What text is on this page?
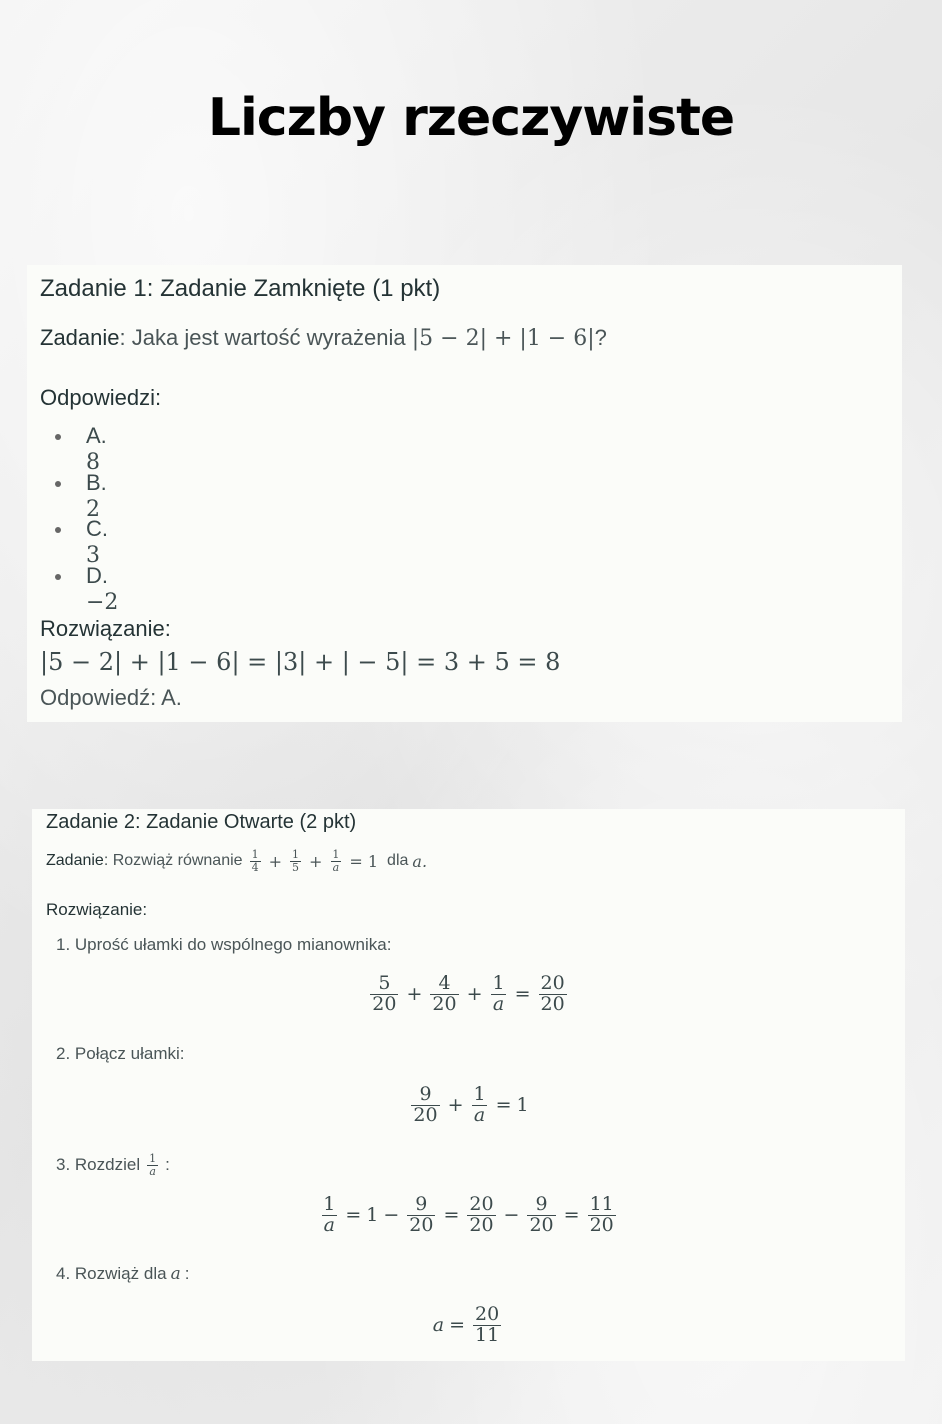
Liczby rzeczywiste
Zadanie 1: Zadanie Zamknięte (1 pkt)
Zadanie: Jaka jest wartość wyrażenia |5 − 2| + |1 − 6|?
Odpowiedzi:
A. 8
B. 2
C. 3
D. −2
Rozwiązanie:
|5 − 2| + |1 − 6| = |3| + | − 5| = 3 + 5 = 8
Odpowiedź: A.
Zadanie 2: Zadanie Otwarte (2 pkt)
Zadanie: Rozwiąż równanie $\frac{1}{4} + \frac{1}{5} + \frac{1}{a} = 1$ dla a.
Rozwiązanie:
1. Uprość ułamki do wspólnego mianownika:
$\frac{5}{20} + \frac{4}{20} + \frac{1}{a} = \frac{20}{20}$
2. Połącz ułamki:
$\frac{9}{20} + \frac{1}{a} = 1$
3. Rozdziel $\frac{1}{a}$ :
$\frac{1}{a} = 1 - \frac{9}{20} = \frac{20}{20} - \frac{9}{20} = \frac{11}{20}$
4. Rozwiąż dla a :
$a = \frac{20}{11}$
